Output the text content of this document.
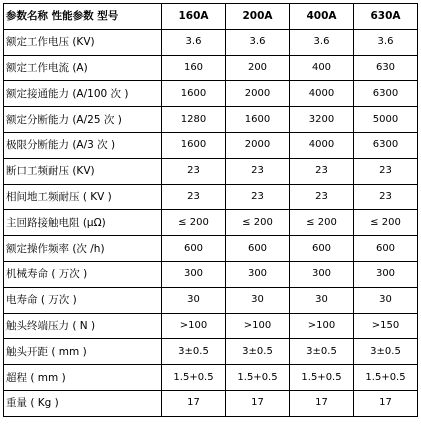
参数名称 性能参数 型号	160A	200A	400A	630A
额定工作电压 (KV)	3.6	3.6	3.6	3.6
额定工作电流 (A)	160	200	400	630
额定接通能力 (A/100 次 )	1600	2000	4000	6300
额定分断能力 (A/25 次 )	1280	1600	3200	5000
极限分断能力 (A/3 次 )	1600	2000	4000	6300
断口工频耐压 (KV)	23	23	23	23
相间地工频耐压 ( KV )	23	23	23	23
主回路接触电阻 (μΩ)	≤ 200	≤ 200	≤ 200	≤ 200
额定操作频率 (次 /h)	600	600	600	600
机械寿命 ( 万次 )	300	300	300	300
电寿命 ( 万次 )	30	30	30	30
触头终端压力 ( N )	>100	>100	>100	>150
触头开距 ( mm )	3±0.5	3±0.5	3±0.5	3±0.5
超程 ( mm )	1.5+0.5	1.5+0.5	1.5+0.5	1.5+0.5
重量 ( Kg )	17	17	17	17
